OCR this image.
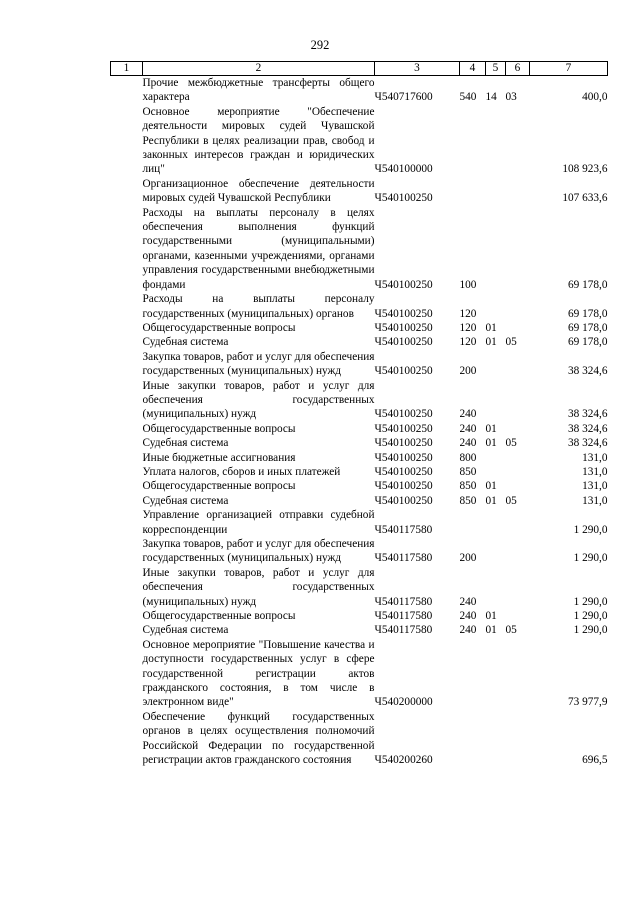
292
1	2	3	4	5	6	7
	Прочие межбюджетные трансферты общего характера	Ч540717600	540	14	03	400,0
	Основное мероприятие "Обеспечение деятельности мировых судей Чувашской Республики в целях реализации прав, свобод и законных интересов граждан и юридических лиц"	Ч540100000				108 923,6
	Организационное обеспечение деятельности мировых судей Чувашской Республики	Ч540100250				107 633,6
	Расходы на выплаты персоналу в целях обеспечения выполнения функций государственными (муниципальными) органами, казенными учреждениями, органами управления государственными внебюджетными фондами	Ч540100250	100			69 178,0
	Расходы на выплаты персоналу государственных (муниципальных) органов	Ч540100250	120			69 178,0
	Общегосударственные вопросы	Ч540100250	120	01		69 178,0
	Судебная система	Ч540100250	120	01	05	69 178,0
	Закупка товаров, работ и услуг для обеспечения государственных (муниципальных) нужд	Ч540100250	200			38 324,6
	Иные закупки товаров, работ и услуг для обеспечения государственных (муниципальных) нужд	Ч540100250	240			38 324,6
	Общегосударственные вопросы	Ч540100250	240	01		38 324,6
	Судебная система	Ч540100250	240	01	05	38 324,6
	Иные бюджетные ассигнования	Ч540100250	800			131,0
	Уплата налогов, сборов и иных платежей	Ч540100250	850			131,0
	Общегосударственные вопросы	Ч540100250	850	01		131,0
	Судебная система	Ч540100250	850	01	05	131,0
	Управление организацией отправки судебной корреспонденции	Ч540117580				1 290,0
	Закупка товаров, работ и услуг для обеспечения государственных (муниципальных) нужд	Ч540117580	200			1 290,0
	Иные закупки товаров, работ и услуг для обеспечения государственных (муниципальных) нужд	Ч540117580	240			1 290,0
	Общегосударственные вопросы	Ч540117580	240	01		1 290,0
	Судебная система	Ч540117580	240	01	05	1 290,0
	Основное мероприятие "Повышение качества и доступности государственных услуг в сфере государственной регистрации актов гражданского состояния, в том числе в электронном виде"	Ч540200000				73 977,9
	Обеспечение функций государственных органов в целях осуществления полномочий Российской Федерации по государственной регистрации актов гражданского состояния	Ч540200260				696,5
